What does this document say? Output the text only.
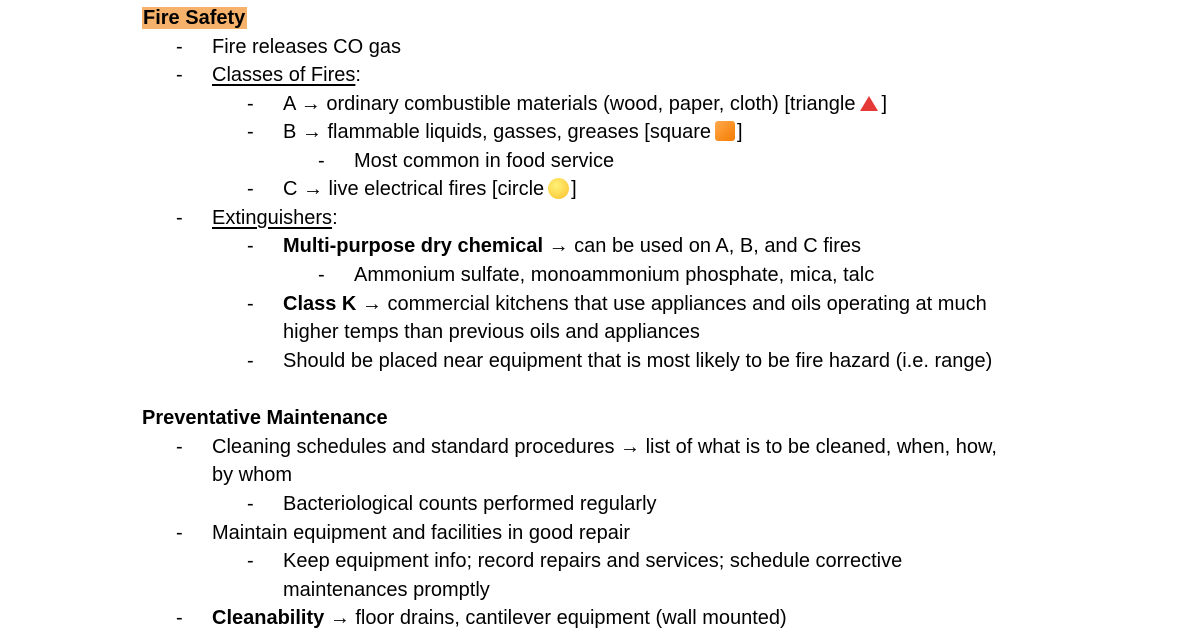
Fire Safety
- Fire releases CO gas
- Classes of Fires:
- A → ordinary combustible materials (wood, paper, cloth) [triangle ]
- B → flammable liquids, gasses, greases [square ]
- Most common in food service
- C → live electrical fires [circle ]
- Extinguishers:
- Multi-purpose dry chemical → can be used on A, B, and C fires
- Ammonium sulfate, monoammonium phosphate, mica, talc
- Class K → commercial kitchens that use appliances and oils operating at much
higher temps than previous oils and appliances
- Should be placed near equipment that is most likely to be fire hazard (i.e. range)
Preventative Maintenance
- Cleaning schedules and standard procedures → list of what is to be cleaned, when, how,
by whom
- Bacteriological counts performed regularly
- Maintain equipment and facilities in good repair
- Keep equipment info; record repairs and services; schedule corrective
maintenances promptly
- Cleanability → floor drains, cantilever equipment (wall mounted)
